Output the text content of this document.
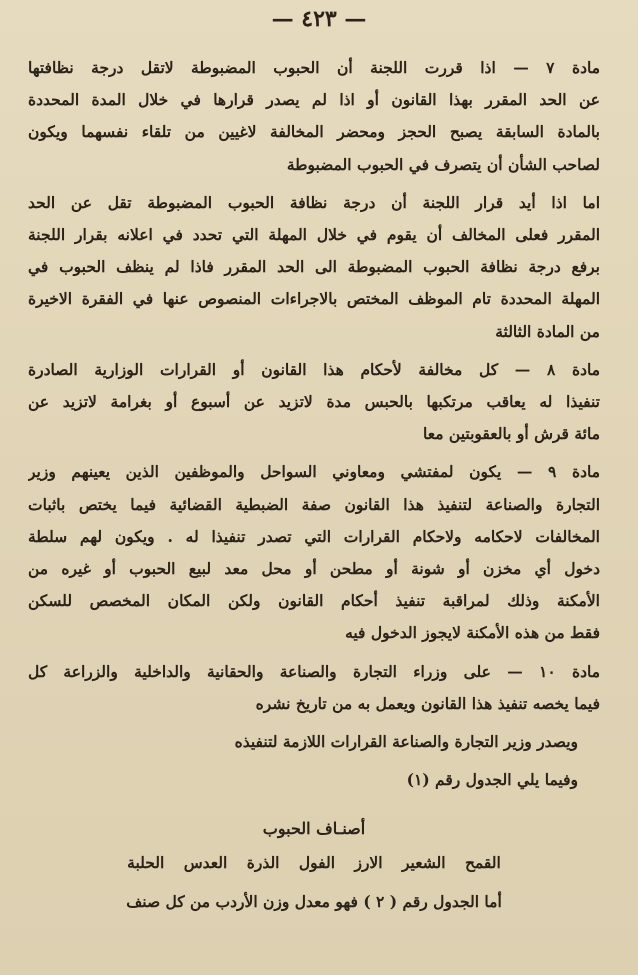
— ٤٢٣ —

مادة ٧ — اذا قررت اللجنة أن الحبوب المضبوطة لاتقل درجة نظافتها
عن الحد المقرر بهذا القانون أو اذا لم يصدر قرارها في خلال المدة المحددة
بالمادة السابقة يصبح الحجز ومحضر المخالفة لاغيين من تلقاء نفسهما ويكون
لصاحب الشأن أن يتصرف في الحبوب المضبوطة

اما اذا أيد قرار اللجنة أن درجة نظافة الحبوب المضبوطة تقل عن الحد
المقرر فعلى المخالف أن يقوم في خلال المهلة التي تحدد في اعلانه بقرار اللجنة
برفع درجة نظافة الحبوب المضبوطة الى الحد المقرر فاذا لم ينظف الحبوب في
المهلة المحددة تام الموظف المختص بالاجراءات المنصوص عنها في الفقرة الاخيرة
من المادة الثالثة

مادة ٨ — كل مخالفة لأحكام هذا القانون أو القرارات الوزارية الصادرة
تنفيذا له يعاقب مرتكبها بالحبس مدة لاتزيد عن أسبوع أو بغرامة لاتزيد عن
مائة قرش أو بالعقوبتين معا

مادة ٩ — يكون لمفتشي ومعاوني السواحل والموظفين الذين يعينهم وزير
التجارة والصناعة لتنفيذ هذا القانون صفة الضبطية القضائية فيما يختص باثبات
المخالفات لاحكامه ولاحكام القرارات التي تصدر تنفيذا له . ويكون لهم سلطة
دخول أي مخزن أو شونة أو مطحن أو محل معد لبيع الحبوب أو غيره من
الأمكنة وذلك لمراقبة تنفيذ أحكام القانون ولكن المكان المخصص للسكن
فقط من هذه الأمكنة لايجوز الدخول فيه

مادة ١٠ — على وزراء التجارة والصناعة والحقانية والداخلية والزراعة كل
فيما يخصه تنفيذ هذا القانون ويعمل به من تاريخ نشره

ويصدر وزير التجارة والصناعة القرارات اللازمة لتنفيذه

وفيما يلي الجدول رقم (١)

أصنـاف الحبوب
القمح الشعير الارز الفول الذرة العدس الحلبة

أما الجدول رقم ( ٢ ) فهو معدل وزن الأردب من كل صنف
